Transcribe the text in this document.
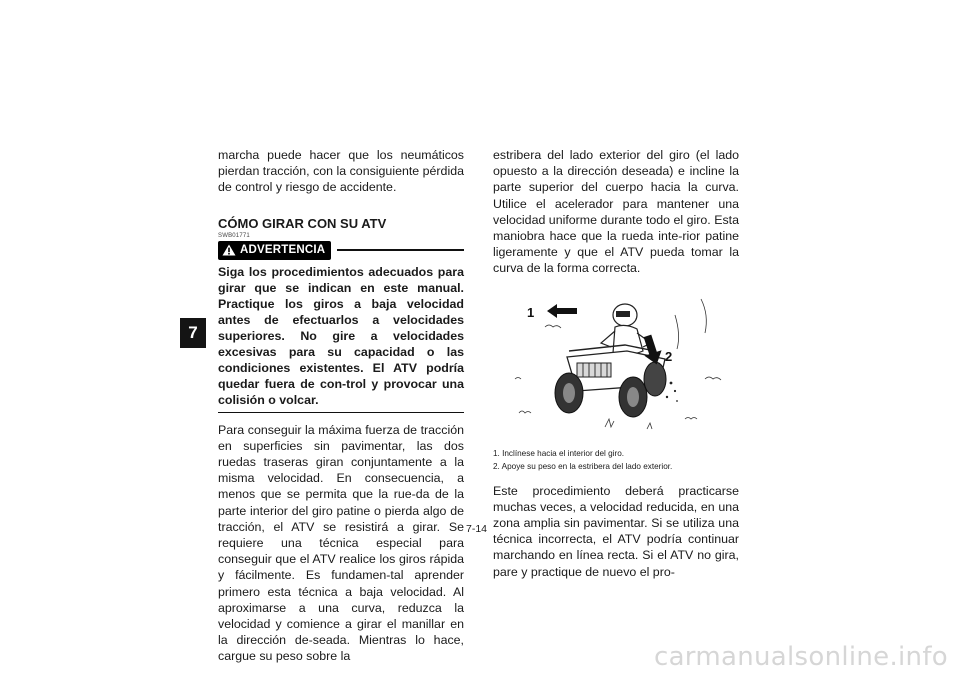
7

marcha puede hacer que los neumáticos pierdan tracción, con la consiguiente pérdida de control y riesgo de accidente.

CÓMO GIRAR CON SU ATV
SWB01771
ADVERTENCIA

Siga los procedimientos adecuados para girar que se indican en este manual. Practique los giros a baja velocidad antes de efectuarlos a velocidades superiores. No gire a velocidades excesivas para su capacidad o las condiciones existentes. El ATV podría quedar fuera de con-trol y provocar una colisión o volcar.

Para conseguir la máxima fuerza de tracción en superficies sin pavimentar, las dos ruedas traseras giran conjuntamente a la misma velocidad. En consecuencia, a menos que se permita que la rue-da de la parte interior del giro patine o pierda algo de tracción, el ATV se resistirá a girar. Se requiere una técnica especial para conseguir que el ATV realice los giros rápida y fácilmente. Es fundamen-tal aprender primero esta técnica a baja velocidad. Al aproximarse a una curva, reduzca la velocidad y comience a girar el manillar en la dirección de-seada. Mientras lo hace, cargue su peso sobre la

estribera del lado exterior del giro (el lado opuesto a la dirección deseada) e incline la parte superior del cuerpo hacia la curva. Utilice el acelerador para mantener una velocidad uniforme durante todo el giro. Esta maniobra hace que la rueda inte-rior patine ligeramente y que el ATV pueda tomar la curva de la forma correcta.

1
2
1. Inclínese hacia el interior del giro.
2. Apoye su peso en la estribera del lado exterior.

Este procedimiento deberá practicarse muchas veces, a velocidad reducida, en una zona amplia sin pavimentar. Si se utiliza una técnica incorrecta, el ATV podría continuar marchando en línea recta. Si el ATV no gira, pare y practique de nuevo el pro-

7-14
carmanualsonline.info
